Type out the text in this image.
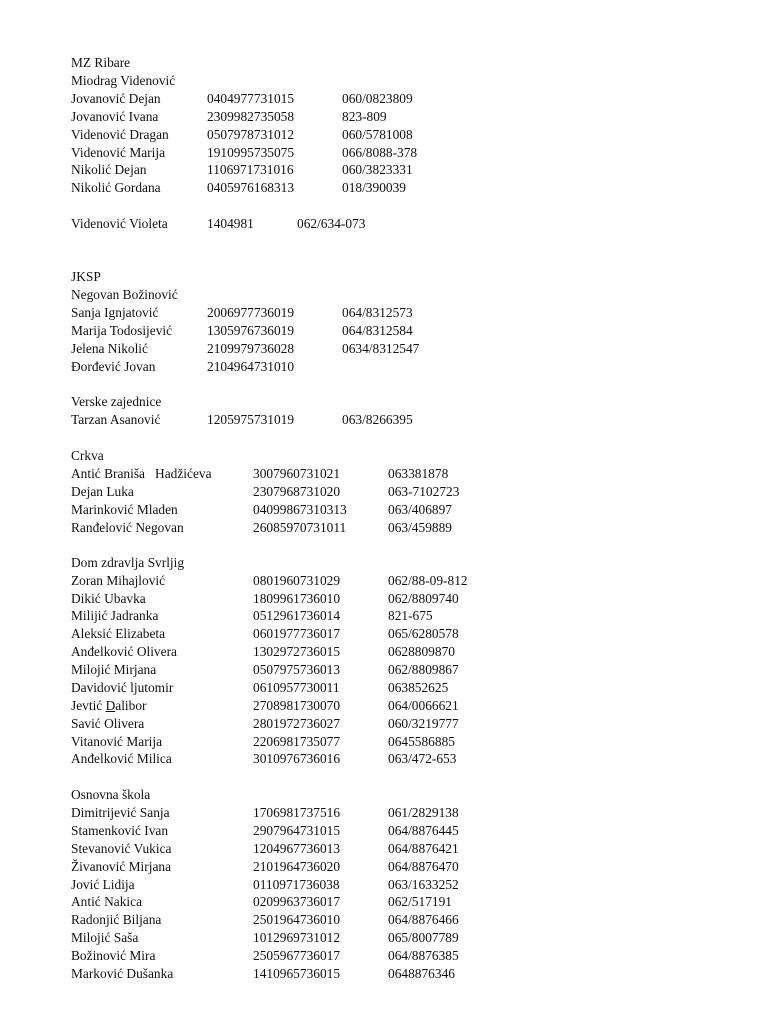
MZ Ribare
Miodrag Videnović
Jovanović Dejan	0404977731015	060/0823809
Jovanović Ivana	2309982735058	823-809
Videnović Dragan	0507978731012	060/5781008
Videnović Marija	1910995735075	066/8088-378
Nikolić Dejan	1106971731016	060/3823331
Nikolić Gordana	0405976168313	018/390039
Videnović Violeta	1404981	062/634-073
JKSP
Negovan Božinović
Sanja Ignjatović	2006977736019	064/8312573
Marija Todosijević	1305976736019	064/8312584
Jelena Nikolić	2109979736028	0634/8312547
Đorđević Jovan	2104964731010
Verske zajednice
Tarzan Asanović	1205975731019	063/8266395
Crkva
Antić Braniša   Hadžićeva	3007960731021	063381878
Dejan Luka	2307968731020	063-7102723
Marinković Mladen	04099867310313	063/406897
Ranđelović Negovan	26085970731011	063/459889
Dom zdravlja Svrljig
Zoran Mihajlović	0801960731029	062/88-09-812
Dikić Ubavka	1809961736010	062/8809740
Milijić Jadranka	0512961736014	821-675
Aleksić Elizabeta	0601977736017	065/6280578
Anđelković Olivera	1302972736015	0628809870
Milojić Mirjana	0507975736013	062/8809867
Davidović ljutomir	0610957730011	063852625
Jevtić Dalibor	2708981730070	064/0066621
Savić Olivera	2801972736027	060/3219777
Vitanović Marija	2206981735077	0645586885
Anđelković Milica	3010976736016	063/472-653
Osnovna škola
Dimitrijević Sanja	1706981737516	061/2829138
Stamenković Ivan	2907964731015	064/8876445
Stevanović Vukica	1204967736013	064/8876421
Živanović Mirjana	2101964736020	064/8876470
Jović Lidija	0110971736038	063/1633252
Antić Nakica	0209963736017	062/517191
Radonjić Biljana	2501964736010	064/8876466
Milojić Saša	1012969731012	065/8007789
Božinović Mira	2505967736017	064/8876385
Marković Dušanka	1410965736015	0648876346
